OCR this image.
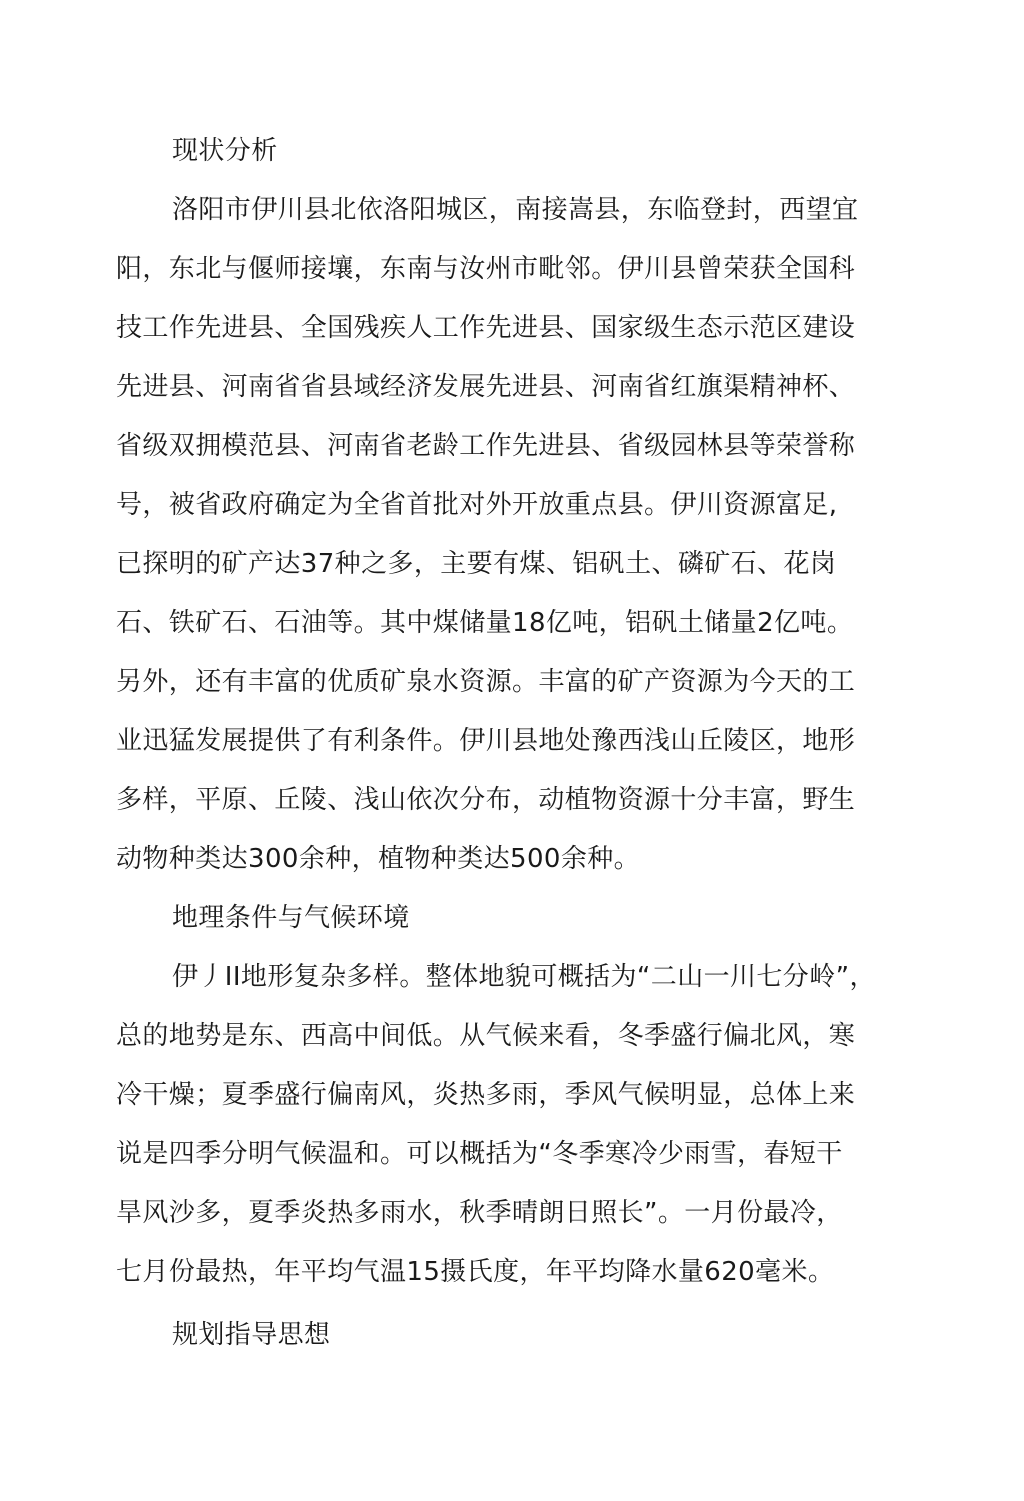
现状分析
洛阳市伊川县北依洛阳城区，南接嵩县，东临登封，西望宜
阳，东北与偃师接壤，东南与汝州市毗邻。伊川县曾荣获全国科
技工作先进县、全国残疾人工作先进县、国家级生态示范区建设
先进县、河南省省县域经济发展先进县、河南省红旗渠精神杯、
省级双拥模范县、河南省老龄工作先进县、省级园林县等荣誉称
号，被省政府确定为全省首批对外开放重点县。伊川资源富足,
已探明的矿产达37种之多，主要有煤、铝矾土、磷矿石、花岗
石、铁矿石、石油等。其中煤储量18亿吨，铝矾土储量2亿吨。
另外，还有丰富的优质矿泉水资源。丰富的矿产资源为今天的工
业迅猛发展提供了有利条件。伊川县地处豫西浅山丘陵区，地形
多样，平原、丘陵、浅山依次分布，动植物资源十分丰富，野生
动物种类达300余种，植物种类达500余种。
地理条件与气候环境
伊丿II地形复杂多样。整体地貌可概括为“二山一川七分岭”，
总的地势是东、西高中间低。从气候来看，冬季盛行偏北风，寒
冷干燥；夏季盛行偏南风，炎热多雨，季风气候明显，总体上来
说是四季分明气候温和。可以概括为“冬季寒冷少雨雪，春短干
旱风沙多，夏季炎热多雨水，秋季晴朗日照长”。一月份最冷，
七月份最热，年平均气温15摄氏度，年平均降水量620毫米。
规划指导思想
